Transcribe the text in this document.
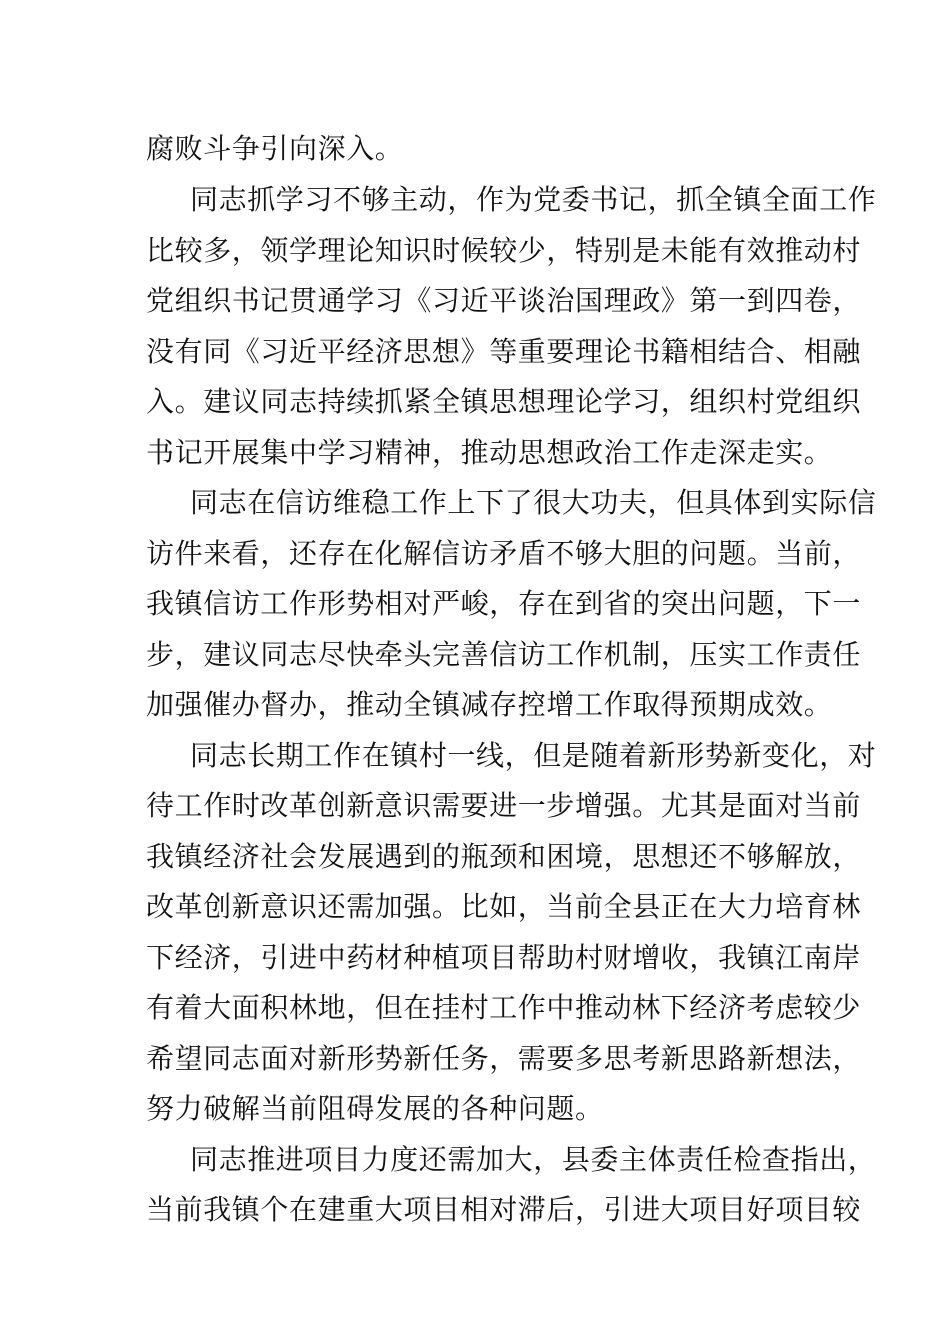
腐败斗争引向深入。
同志抓学习不够主动，作为党委书记，抓全镇全面工作
比较多，领学理论知识时候较少，特别是未能有效推动村
党组织书记贯通学习《习近平谈治国理政》第一到四卷，
没有同《习近平经济思想》等重要理论书籍相结合、相融
入。建议同志持续抓紧全镇思想理论学习，组织村党组织
书记开展集中学习精神，推动思想政治工作走深走实。
同志在信访维稳工作上下了很大功夫，但具体到实际信
访件来看，还存在化解信访矛盾不够大胆的问题。当前，
我镇信访工作形势相对严峻，存在到省的突出问题，下一
步，建议同志尽快牵头完善信访工作机制，压实工作责任
加强催办督办，推动全镇减存控增工作取得预期成效。
同志长期工作在镇村一线，但是随着新形势新变化，对
待工作时改革创新意识需要进一步增强。尤其是面对当前
我镇经济社会发展遇到的瓶颈和困境，思想还不够解放，
改革创新意识还需加强。比如，当前全县正在大力培育林
下经济，引进中药材种植项目帮助村财增收，我镇江南岸
有着大面积林地，但在挂村工作中推动林下经济考虑较少
希望同志面对新形势新任务，需要多思考新思路新想法，
努力破解当前阻碍发展的各种问题。
同志推进项目力度还需加大，县委主体责任检查指出，
当前我镇个在建重大项目相对滞后，引进大项目好项目较
